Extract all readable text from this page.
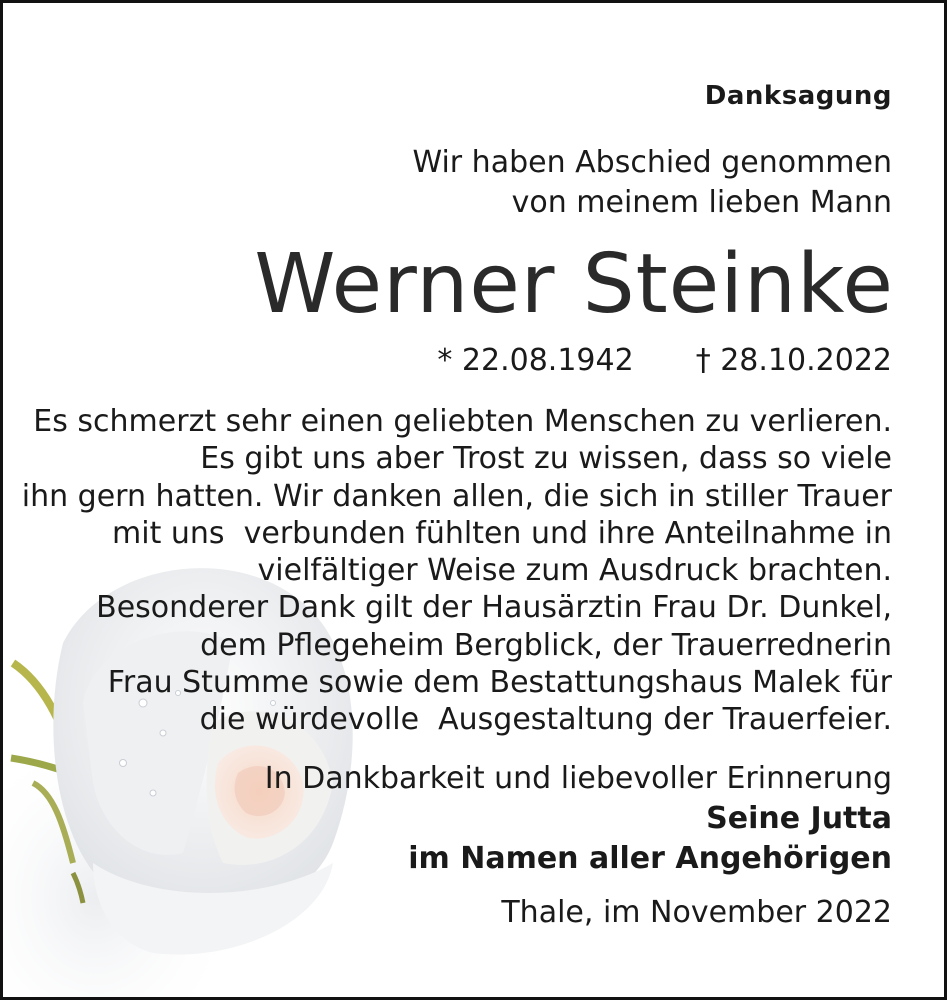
Danksagung
Wir haben Abschied genommen
von meinem lieben Mann
Werner Steinke
* 22.08.1942 † 28.10.2022
Es schmerzt sehr einen geliebten Menschen zu verlieren.
Es gibt uns aber Trost zu wissen, dass so viele
ihn gern hatten. Wir danken allen, die sich in stiller Trauer
mit uns  verbunden fühlten und ihre Anteilnahme in
vielfältiger Weise zum Ausdruck brachten.
Besonderer Dank gilt der Hausärztin Frau Dr. Dunkel,
dem Pflegeheim Bergblick, der Trauerrednerin
Frau Stumme sowie dem Bestattungshaus Malek für
die würdevolle  Ausgestaltung der Trauerfeier.
In Dankbarkeit und liebevoller Erinnerung
Seine Jutta
im Namen aller Angehörigen
Thale, im November 2022
